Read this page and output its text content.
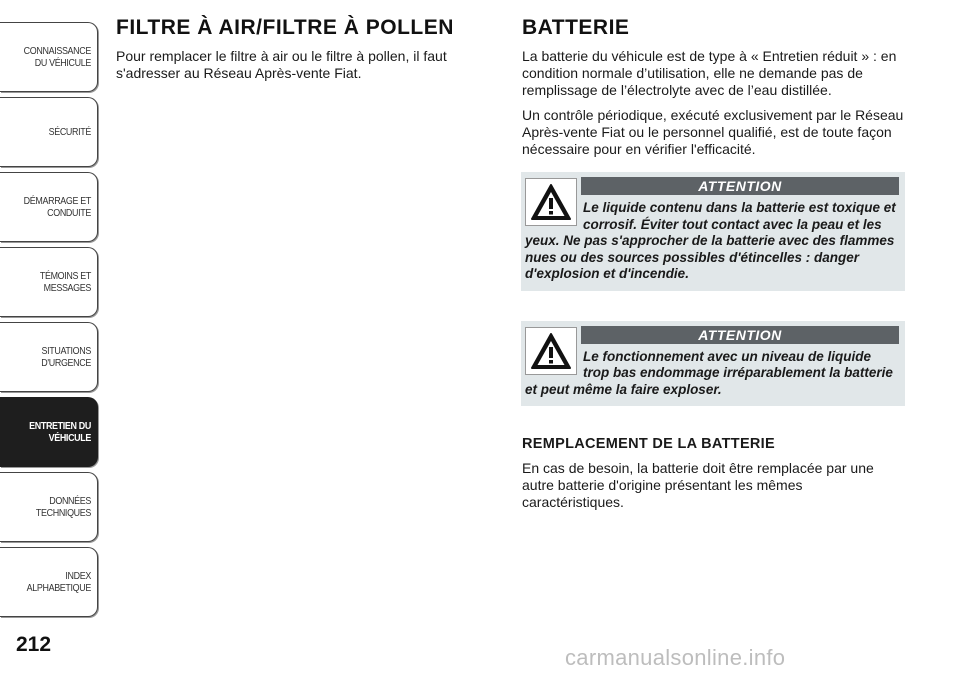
CONNAISSANCE
DU VÉHICULE
SÉCURITÉ
DÉMARRAGE ET
CONDUITE
TÉMOINS ET
MESSAGES
SITUATIONS
D'URGENCE
ENTRETIEN DU
VÉHICULE
DONNÉES
TECHNIQUES
INDEX
ALPHABETIQUE
212
FILTRE À AIR/FILTRE À POLLEN

Pour remplacer le filtre à air ou le filtre à pollen, il faut s'adresser au Réseau Après-vente Fiat.

BATTERIE

La batterie du véhicule est de type à « Entretien réduit » : en condition normale d’utilisation, elle ne demande pas de remplissage de l’électrolyte avec de l’eau distillée.

Un contrôle périodique, exécuté exclusivement par le Réseau Après-vente Fiat ou le personnel qualifié, est de toute façon nécessaire pour en vérifier l'efficacité.

ATTENTION
Le liquide contenu dans la batterie est toxique et corrosif. Éviter tout contact avec la peau et les yeux. Ne pas s'approcher de la batterie avec des flammes nues ou des sources possibles d'étincelles : danger d'explosion et d'incendie.
ATTENTION
Le fonctionnement avec un niveau de liquide trop bas endommage irréparablement la batterie et peut même la faire exploser.
REMPLACEMENT DE LA BATTERIE

En cas de besoin, la batterie doit être remplacée par une autre batterie d'origine présentant les mêmes caractéristiques.

carmanualsonline.info
